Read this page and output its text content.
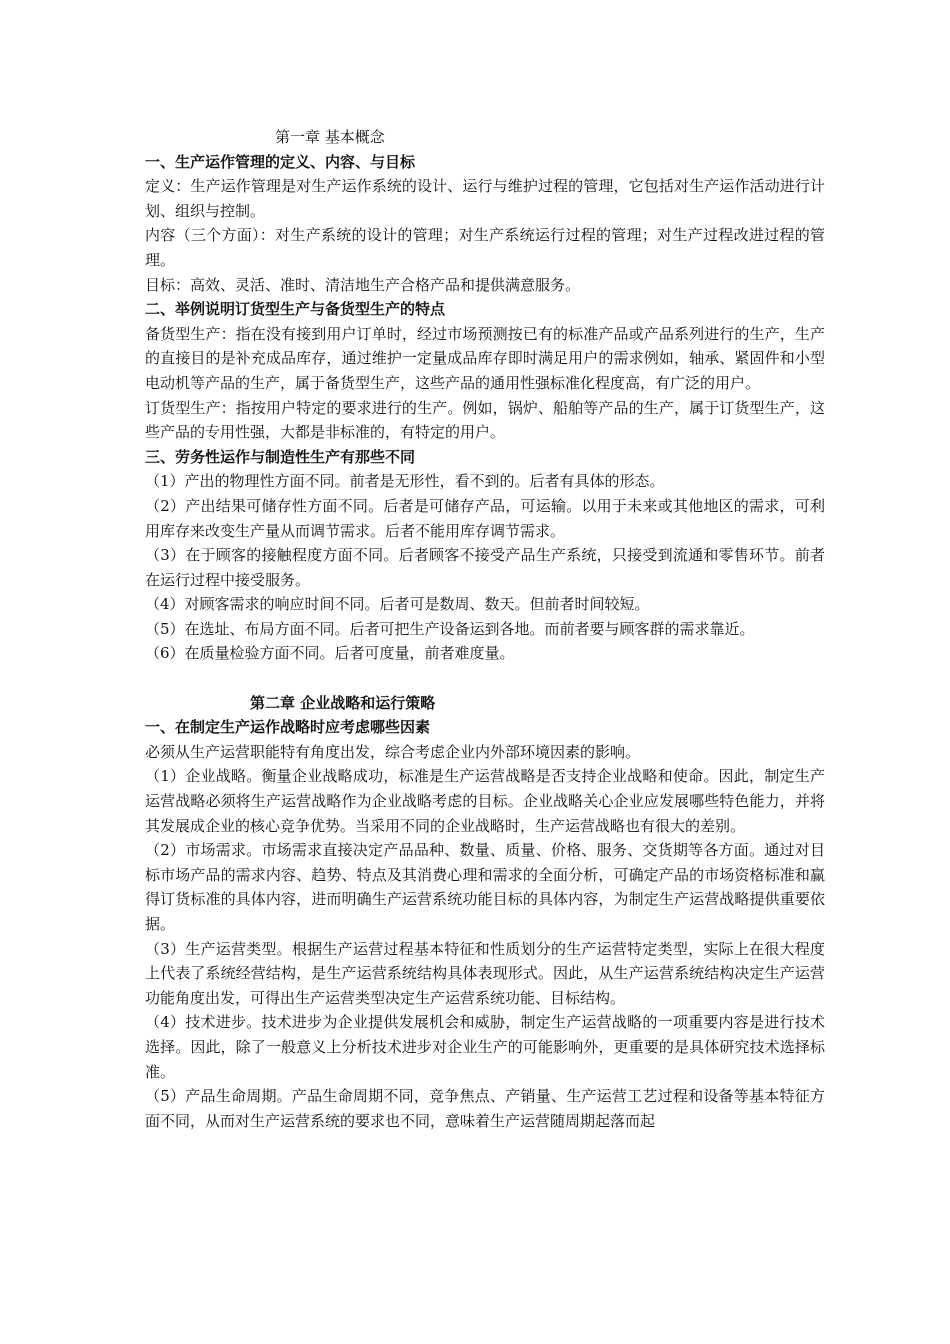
第一章 基本概念

一、生产运作管理的定义、内容、与目标

定义：生产运作管理是对生产运作系统的设计、运行与维护过程的管理，它包括对生产运作活动进行计划、组织与控制。

内容（三个方面）：对生产系统的设计的管理；对生产系统运行过程的管理；对生产过程改进过程的管理。

目标：高效、灵活、准时、清洁地生产合格产品和提供满意服务。

二、举例说明订货型生产与备货型生产的特点

备货型生产：指在没有接到用户订单时，经过市场预测按已有的标准产品或产品系列进行的生产，生产的直接目的是补充成品库存，通过维护一定量成品库存即时满足用户的需求例如，轴承、紧固件和小型电动机等产品的生产，属于备货型生产，这些产品的通用性强标准化程度高，有广泛的用户。

订货型生产：指按用户特定的要求进行的生产。例如，锅炉、船舶等产品的生产，属于订货型生产，这些产品的专用性强，大都是非标准的，有特定的用户。

三、劳务性运作与制造性生产有那些不同

（1）产出的物理性方面不同。前者是无形性，看不到的。后者有具体的形态。

（2）产出结果可储存性方面不同。后者是可储存产品，可运输。以用于未来或其他地区的需求，可利用库存来改变生产量从而调节需求。后者不能用库存调节需求。

（3）在于顾客的接触程度方面不同。后者顾客不接受产品生产系统，只接受到流通和零售环节。前者在运行过程中接受服务。

（4）对顾客需求的响应时间不同。后者可是数周、数天。但前者时间较短。

（5）在选址、布局方面不同。后者可把生产设备运到各地。而前者要与顾客群的需求靠近。

（6）在质量检验方面不同。后者可度量，前者难度量。

第二章 企业战略和运行策略

一、在制定生产运作战略时应考虑哪些因素

必须从生产运营职能特有角度出发，综合考虑企业内外部环境因素的影响。

（1）企业战略。衡量企业战略成功，标准是生产运营战略是否支持企业战略和使命。因此，制定生产运营战略必须将生产运营战略作为企业战略考虑的目标。企业战略关心企业应发展哪些特色能力，并将其发展成企业的核心竞争优势。当采用不同的企业战略时，生产运营战略也有很大的差别。

（2）市场需求。市场需求直接决定产品品种、数量、质量、价格、服务、交货期等各方面。通过对目标市场产品的需求内容、趋势、特点及其消费心理和需求的全面分析，可确定产品的市场资格标准和赢得订货标准的具体内容，进而明确生产运营系统功能目标的具体内容，为制定生产运营战略提供重要依据。

（3）生产运营类型。根据生产运营过程基本特征和性质划分的生产运营特定类型，实际上在很大程度上代表了系统经营结构，是生产运营系统结构具体表现形式。因此，从生产运营系统结构决定生产运营功能角度出发，可得出生产运营类型决定生产运营系统功能、目标结构。

（4）技术进步。技术进步为企业提供发展机会和威胁，制定生产运营战略的一项重要内容是进行技术选择。因此，除了一般意义上分析技术进步对企业生产的可能影响外，更重要的是具体研究技术选择标准。

（5）产品生命周期。产品生命周期不同，竞争焦点、产销量、生产运营工艺过程和设备等基本特征方面不同，从而对生产运营系统的要求也不同，意味着生产运营随周期起落而起
